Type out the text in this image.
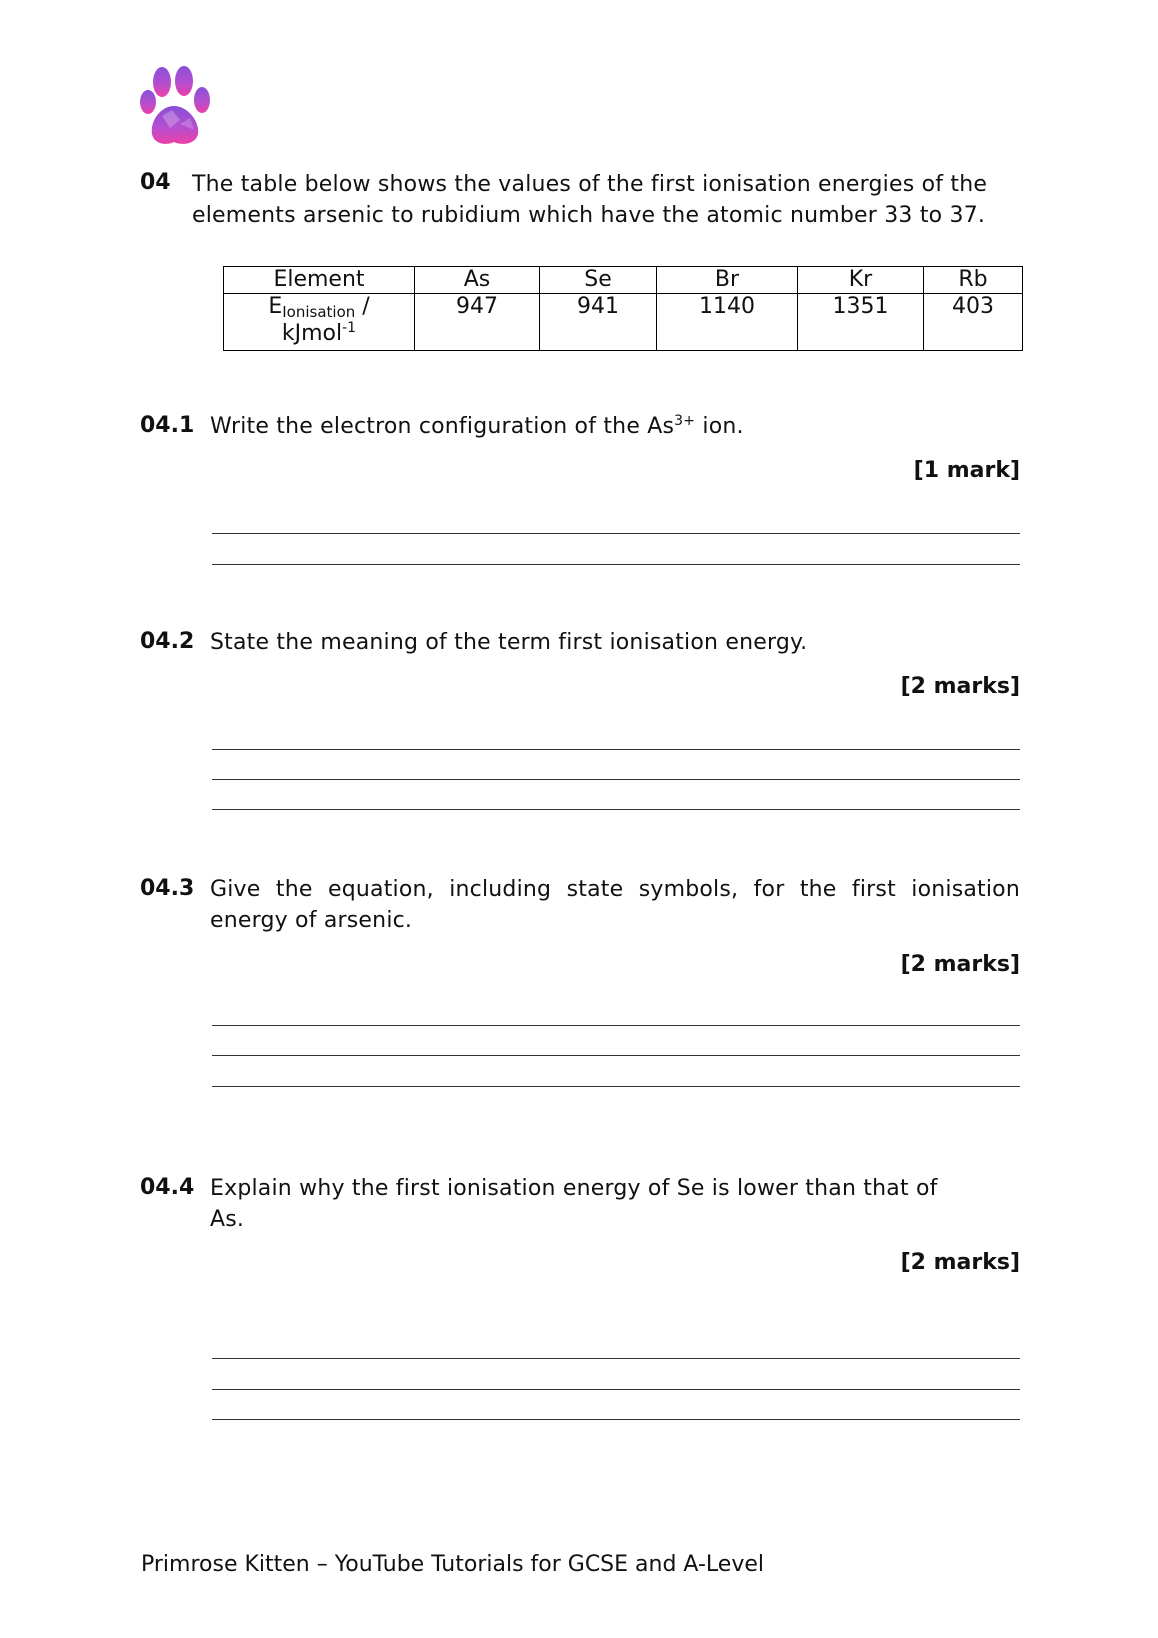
04 The table below shows the values of the first ionisation energies of the elements arsenic to rubidium which have the atomic number 33 to 37.
Element	As	Se	Br	Kr	Rb
EIonisation /
kJmol$^{-1}$	947	941	1140	1351	403
04.1 Write the electron configuration of the $As^{3+}$ ion.
[1 mark]
04.2 State the meaning of the term first ionisation energy.
[2 marks]
04.3 Give the equation, including state symbols, for the first ionisation energy of arsenic.
[2 marks]
04.4 Explain why the first ionisation energy of Se is lower than that of
As.
[2 marks]
Primrose Kitten – YouTube Tutorials for GCSE and A-Level
